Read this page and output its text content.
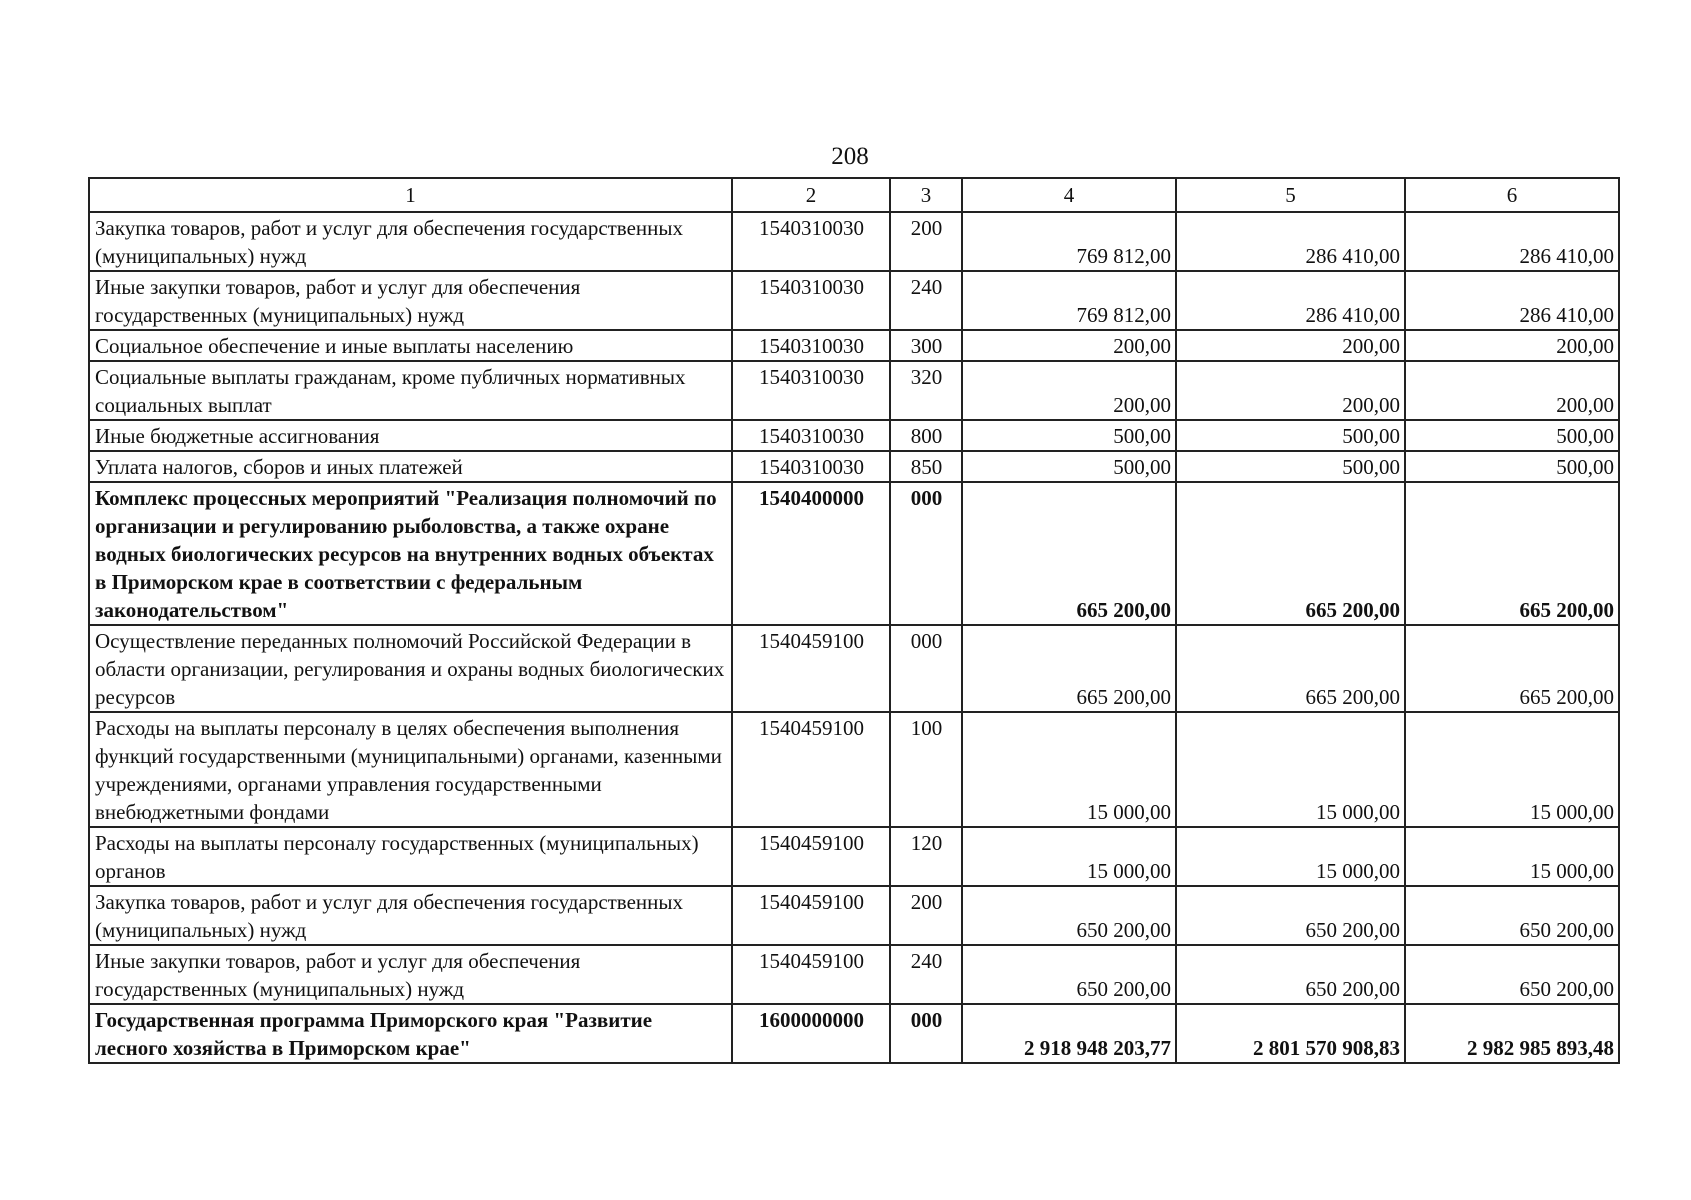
208
1	2	3	4	5	6
Закупка товаров, работ и услуг для обеспечения государственных (муниципальных) нужд	1540310030	200	769 812,00	286 410,00	286 410,00
Иные закупки товаров, работ и услуг для обеспечения государственных (муниципальных) нужд	1540310030	240	769 812,00	286 410,00	286 410,00
Социальное обеспечение и иные выплаты населению	1540310030	300	200,00	200,00	200,00
Социальные выплаты гражданам, кроме публичных нормативных социальных выплат	1540310030	320	200,00	200,00	200,00
Иные бюджетные ассигнования	1540310030	800	500,00	500,00	500,00
Уплата налогов, сборов и иных платежей	1540310030	850	500,00	500,00	500,00
Комплекс процессных мероприятий "Реализация полномочий по организации и регулированию рыболовства, а также охране водных биологических ресурсов на внутренних водных объектах в Приморском крае в соответствии с федеральным законодательством"	1540400000	000	665 200,00	665 200,00	665 200,00
Осуществление переданных полномочий Российской Федерации в области организации, регулирования и охраны водных биологических ресурсов	1540459100	000	665 200,00	665 200,00	665 200,00
Расходы на выплаты персоналу в целях обеспечения выполнения функций государственными (муниципальными) органами, казенными учреждениями, органами управления государственными внебюджетными фондами	1540459100	100	15 000,00	15 000,00	15 000,00
Расходы на выплаты персоналу государственных (муниципальных) органов	1540459100	120	15 000,00	15 000,00	15 000,00
Закупка товаров, работ и услуг для обеспечения государственных (муниципальных) нужд	1540459100	200	650 200,00	650 200,00	650 200,00
Иные закупки товаров, работ и услуг для обеспечения государственных (муниципальных) нужд	1540459100	240	650 200,00	650 200,00	650 200,00
Государственная программа Приморского края "Развитие лесного хозяйства в Приморском крае"	1600000000	000	2 918 948 203,77	2 801 570 908,83	2 982 985 893,48
